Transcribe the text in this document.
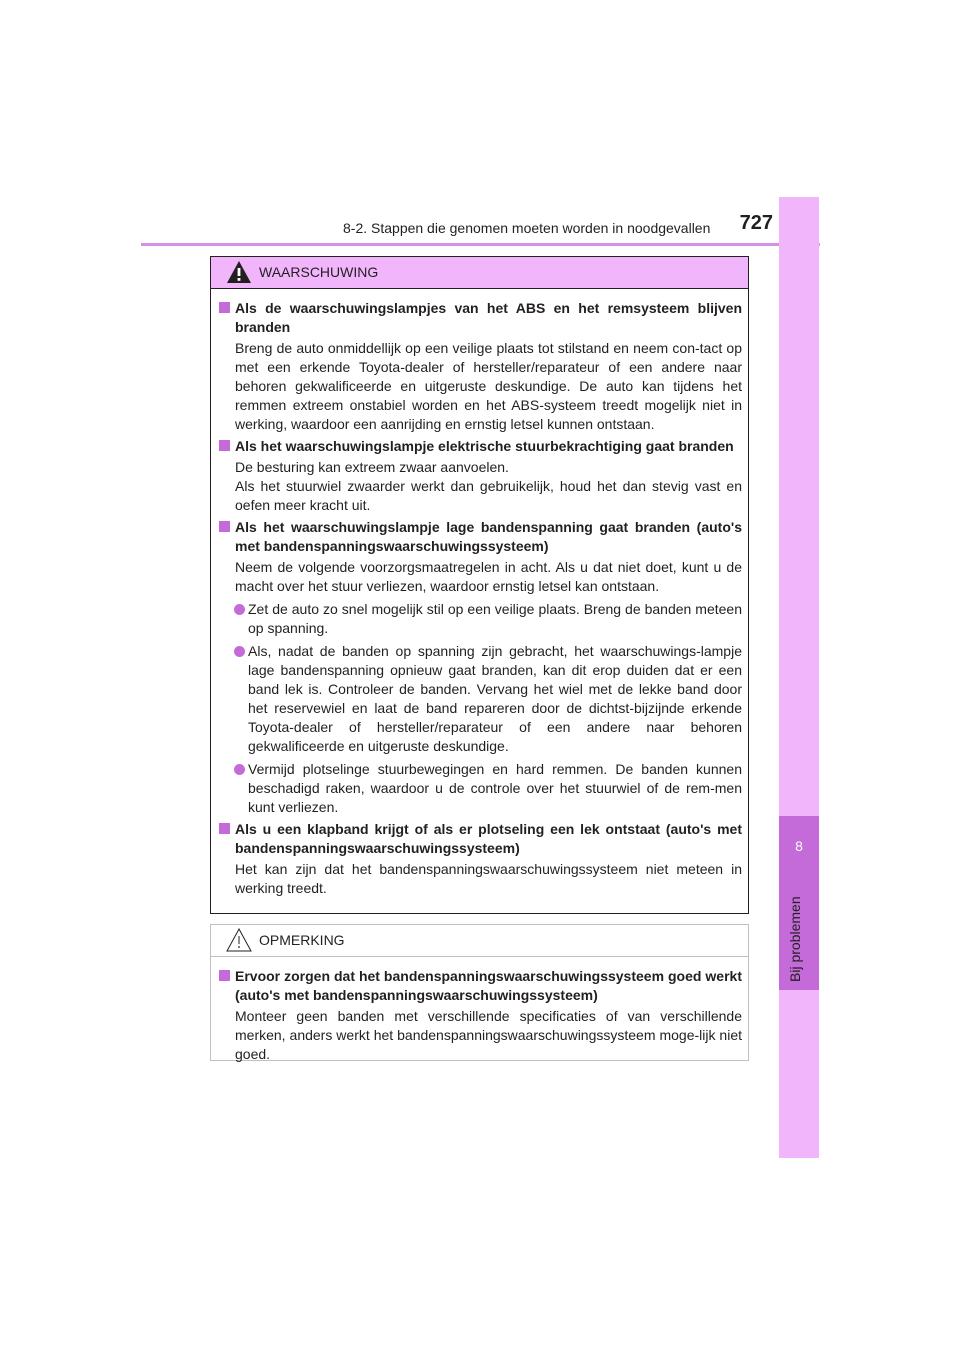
8-2. Stappen die genomen moeten worden in noodgevallen	727
8
Bij problemen
WAARSCHUWING
Als de waarschuwingslampjes van het ABS en het remsysteem blijven branden
Breng de auto onmiddellijk op een veilige plaats tot stilstand en neem con-tact op met een erkende Toyota-dealer of hersteller/reparateur of een andere naar behoren gekwalificeerde en uitgeruste deskundige. De auto kan tijdens het remmen extreem onstabiel worden en het ABS-systeem treedt mogelijk niet in werking, waardoor een aanrijding en ernstig letsel kunnen ontstaan.
Als het waarschuwingslampje elektrische stuurbekrachtiging gaat branden
De besturing kan extreem zwaar aanvoelen.
Als het stuurwiel zwaarder werkt dan gebruikelijk, houd het dan stevig vast en oefen meer kracht uit.
Als het waarschuwingslampje lage bandenspanning gaat branden (auto's met bandenspanningswaarschuwingssysteem)
Neem de volgende voorzorgsmaatregelen in acht. Als u dat niet doet, kunt u de macht over het stuur verliezen, waardoor ernstig letsel kan ontstaan.
Zet de auto zo snel mogelijk stil op een veilige plaats. Breng de banden meteen op spanning.
Als, nadat de banden op spanning zijn gebracht, het waarschuwings-lampje lage bandenspanning opnieuw gaat branden, kan dit erop duiden dat er een band lek is. Controleer de banden. Vervang het wiel met de lekke band door het reservewiel en laat de band repareren door de dichtst-bijzijnde erkende Toyota-dealer of hersteller/reparateur of een andere naar behoren gekwalificeerde en uitgeruste deskundige.
Vermijd plotselinge stuurbewegingen en hard remmen. De banden kunnen beschadigd raken, waardoor u de controle over het stuurwiel of de rem-men kunt verliezen.
Als u een klapband krijgt of als er plotseling een lek ontstaat (auto's met bandenspanningswaarschuwingssysteem)
Het kan zijn dat het bandenspanningswaarschuwingssysteem niet meteen in werking treedt.
OPMERKING
Ervoor zorgen dat het bandenspanningswaarschuwingssysteem goed werkt (auto's met bandenspanningswaarschuwingssysteem)
Monteer geen banden met verschillende specificaties of van verschillende merken, anders werkt het bandenspanningswaarschuwingssysteem moge-lijk niet goed.
